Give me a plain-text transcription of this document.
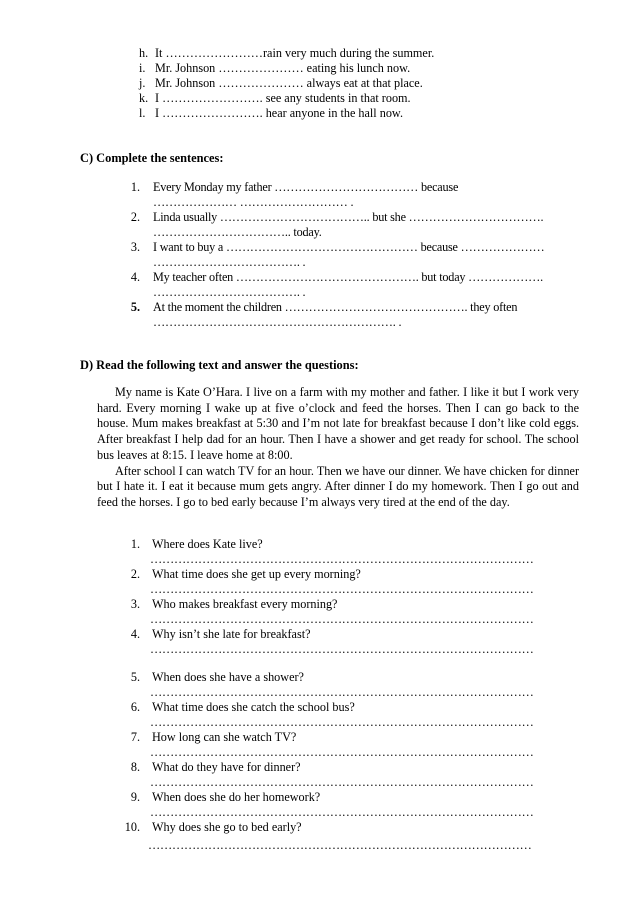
h. It ……………………rain very much during the summer.
i. Mr. Johnson ………………… eating his lunch now.
j. Mr. Johnson ………………… always eat at that place.
k. I ……………………. see any students in that room.
l. I ……………………. hear anyone in the hall now.
C) Complete the sentences:
1. Every Monday my father ……………………………… because
………………… ……………………… .
2. Linda usually ……………………………….. but she …………………………….
…………………………….. today.
3. I want to buy a ………………………………………… because …………………
………………………………. .
4. My teacher often ………………………………………. but today ……………….
………………………………. .
5. At the moment the children ………………………………………. they often
……………………………………………………. .
D) Read the following text and answer the questions:

My name is Kate O’Hara. I live on a farm with my mother and father. I like it but I work very hard. Every morning I wake up at five o’clock and feed the horses. Then I can go back to the house. Mum makes breakfast at 5:30 and I’m not late for breakfast because I don’t like cold eggs. After breakfast I help dad for an hour. Then I have a shower and get ready for school. The school bus leaves at 8:15. I leave home at 8:00.

After school I can watch TV for an hour. Then we have our dinner. We have chicken for dinner but I hate it. I eat it because mum gets angry. After dinner I do my homework. Then I go out and feed the horses. I go to bed early because I’m always very tired at the end of the day.

1. Where does Kate live?
……………………………………………………………………………………
2. What time does she get up every morning?
……………………………………………………………………………………
3. Who makes breakfast every morning?
……………………………………………………………………………………
4. Why isn’t she late for breakfast?
……………………………………………………………………………………
5. When does she have a shower?
……………………………………………………………………………………
6. What time does she catch the school bus?
……………………………………………………………………………………
7. How long can she watch TV?
……………………………………………………………………………………
8. What do they have for dinner?
……………………………………………………………………………………
9. When does she do her homework?
……………………………………………………………………………………
10. Why does she go to bed early?
……………………………………………………………………………………
